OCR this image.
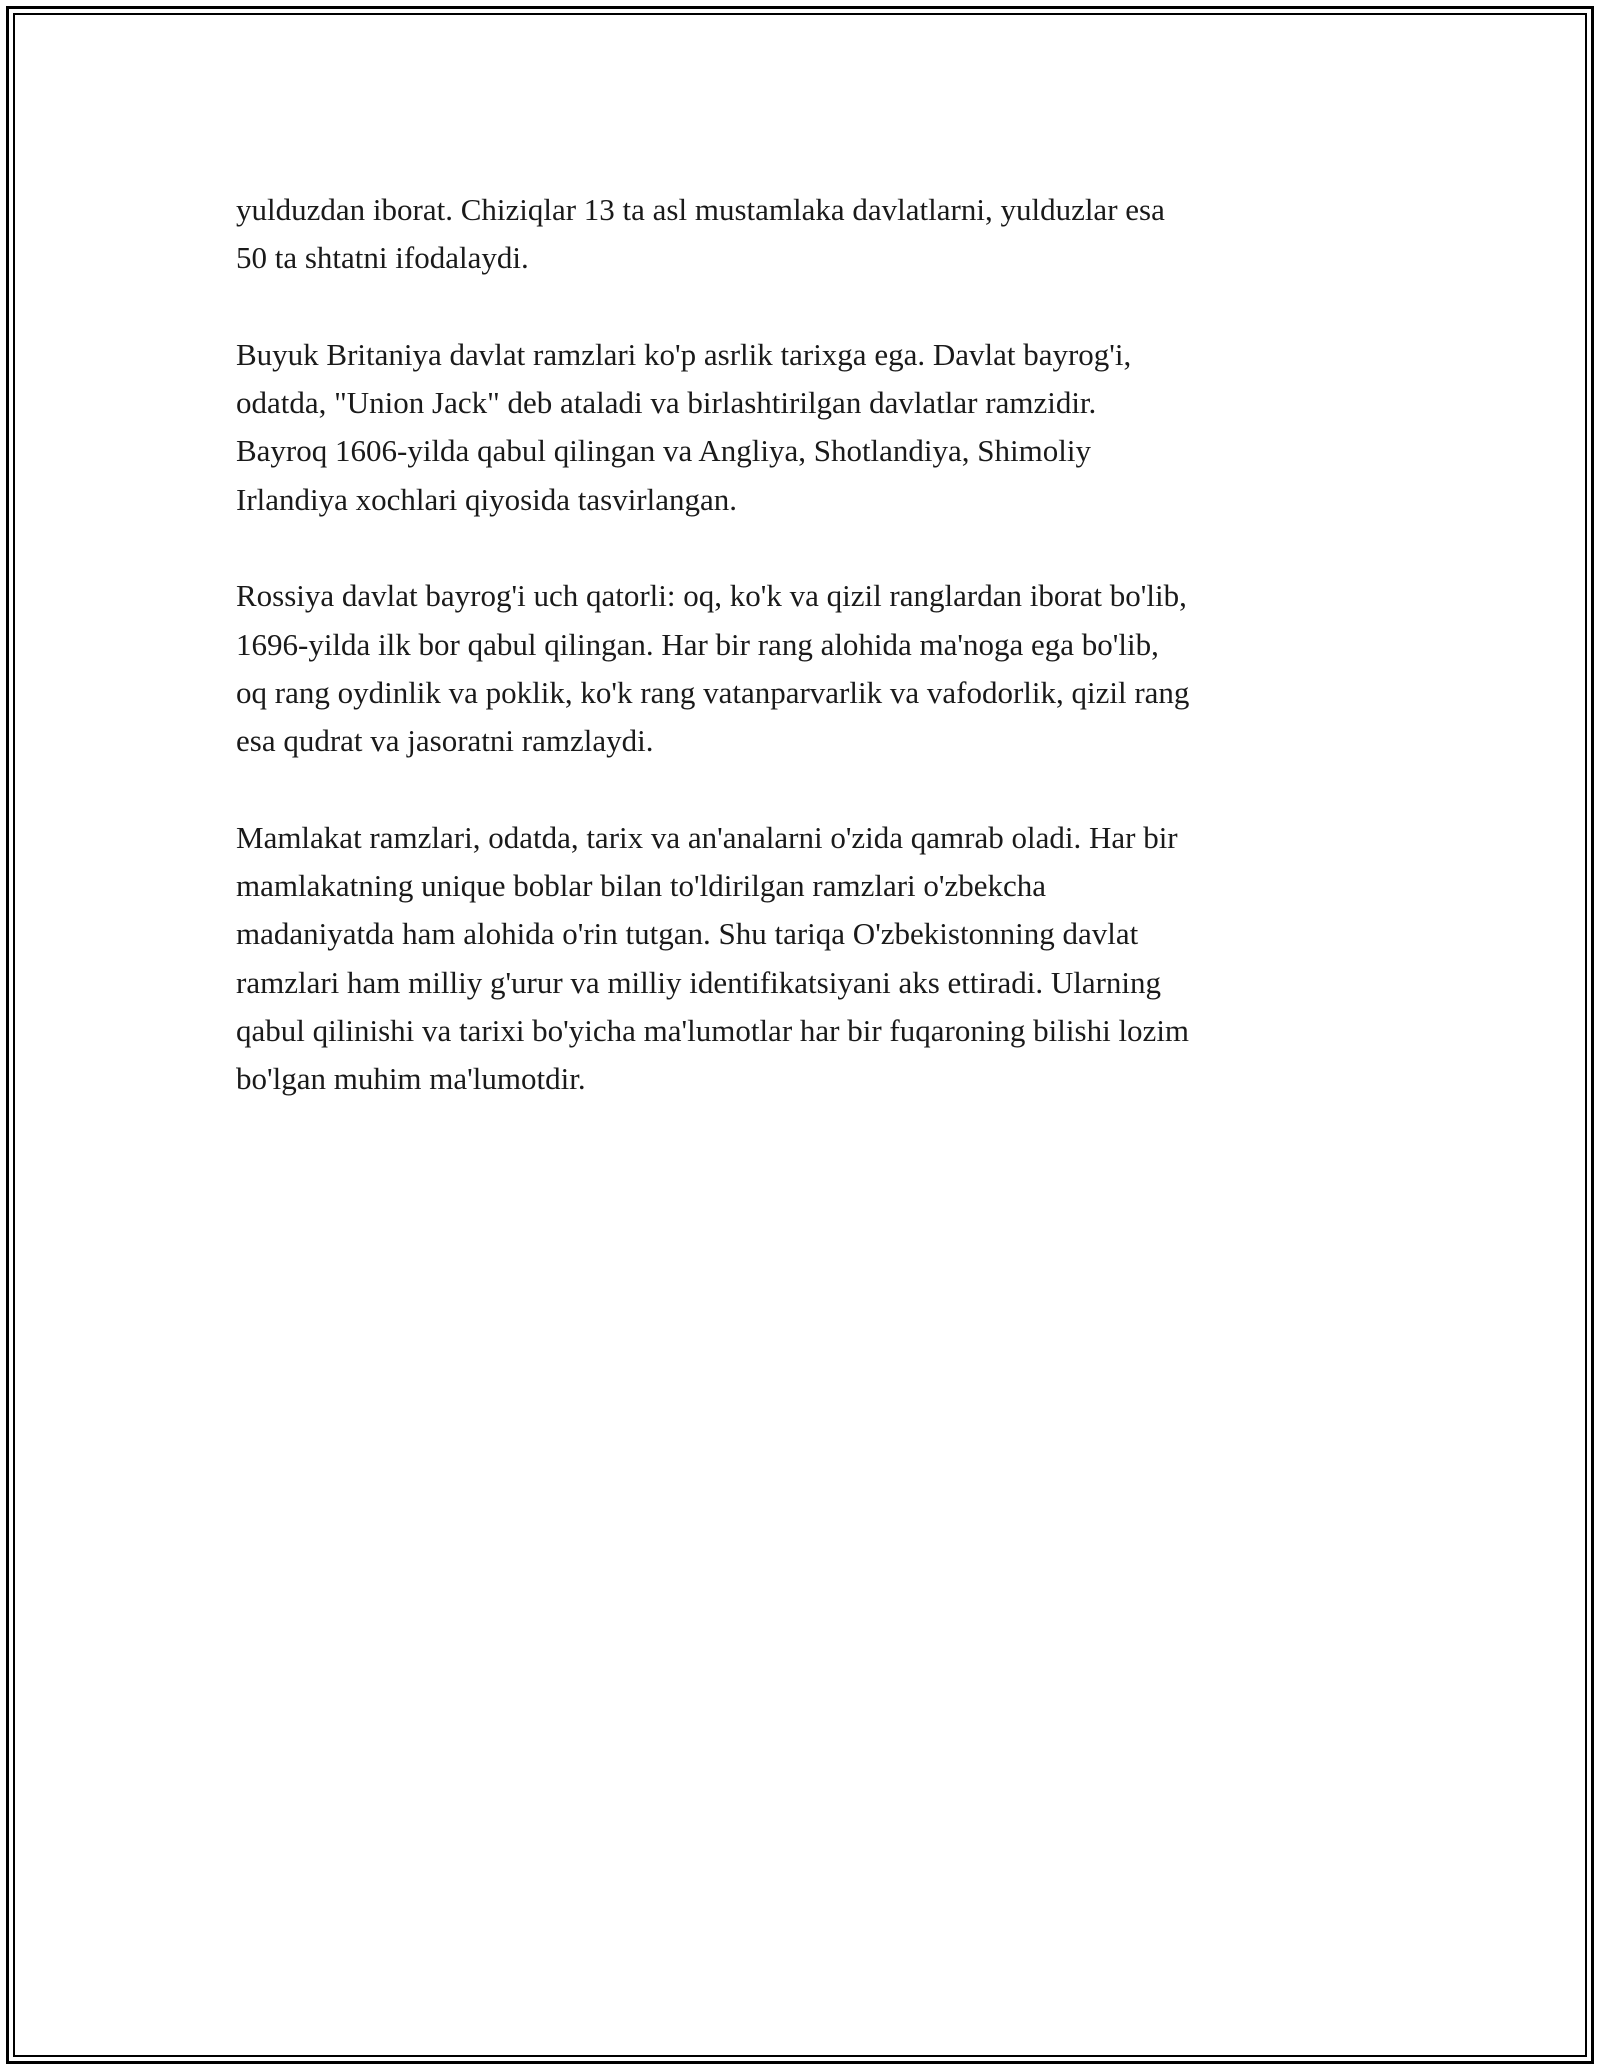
yulduzdan iborat. Chiziqlar 13 ta asl mustamlaka davlatlarni, yulduzlar esa
50 ta shtatni ifodalaydi.

Buyuk Britaniya davlat ramzlari ko'p asrlik tarixga ega. Davlat bayrog'i,
odatda, "Union Jack" deb ataladi va birlashtirilgan davlatlar ramzidir.
Bayroq 1606-yilda qabul qilingan va Angliya, Shotlandiya, Shimoliy
Irlandiya xochlari qiyosida tasvirlangan.

Rossiya davlat bayrog'i uch qatorli: oq, ko'k va qizil ranglardan iborat bo'lib,
1696-yilda ilk bor qabul qilingan. Har bir rang alohida ma'noga ega bo'lib,
oq rang oydinlik va poklik, ko'k rang vatanparvarlik va vafodorlik, qizil rang
esa qudrat va jasoratni ramzlaydi.

Mamlakat ramzlari, odatda, tarix va an'analarni o'zida qamrab oladi. Har bir
mamlakatning unique boblar bilan to'ldirilgan ramzlari o'zbekcha
madaniyatda ham alohida o'rin tutgan. Shu tariqa O'zbekistonning davlat
ramzlari ham milliy g'urur va milliy identifikatsiyani aks ettiradi. Ularning
qabul qilinishi va tarixi bo'yicha ma'lumotlar har bir fuqaroning bilishi lozim
bo'lgan muhim ma'lumotdir.
